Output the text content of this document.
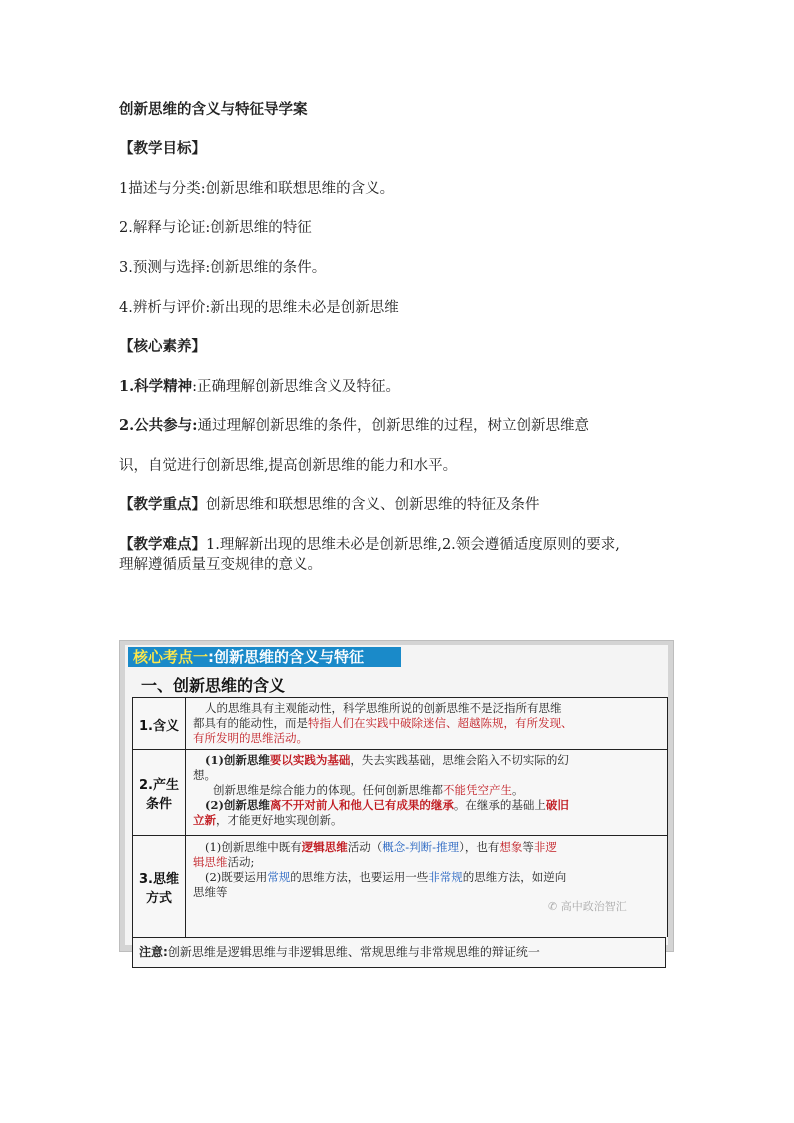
创新思维的含义与特征导学案
【教学目标】
1描述与分类:创新思维和联想思维的含义。
2.解释与论证:创新思维的特征
3.预测与选择:创新思维的条件。
4.辨析与评价:新出现的思维未必是创新思维
【核心素养】
1.科学精神:正确理解创新思维含义及特征。
2.公共参与:通过理解创新思维的条件，创新思维的过程，树立创新思维意
识，自觉进行创新思维,提高创新思维的能力和水平。
【教学重点】创新思维和联想思维的含义、创新思维的特征及条件
【教学难点】1.理解新出现的思维未必是创新思维,2.领会遵循适度原则的要求,
理解遵循质量互变规律的意义。
核心考点一:创新思维的含义与特征
一、创新思维的含义
1.含义
人的思维具有主观能动性，科学思维所说的创新思维不是泛指所有思维
都具有的能动性，而是特指人们在实践中破除迷信、超越陈规，有所发现、
有所发明的思维活动。
2.产生
条件
(1)创新思维要以实践为基础，失去实践基础，思维会陷入不切实际的幻
想。
创新思维是综合能力的体现。任何创新思维都不能凭空产生。
(2)创新思维离不开对前人和他人已有成果的继承。在继承的基础上破旧
立新，才能更好地实现创新。
3.思维
方式
(1)创新思维中既有逻辑思维活动（概念-判断-推理），也有想象等非逻
辑思维活动;
(2)既要运用常规的思维方法，也要运用一些非常规的思维方法，如逆向
思维等
注意:创新思维是逻辑思维与非逻辑思维、常规思维与非常规思维的辩证统一
✆ 高中政治智汇
